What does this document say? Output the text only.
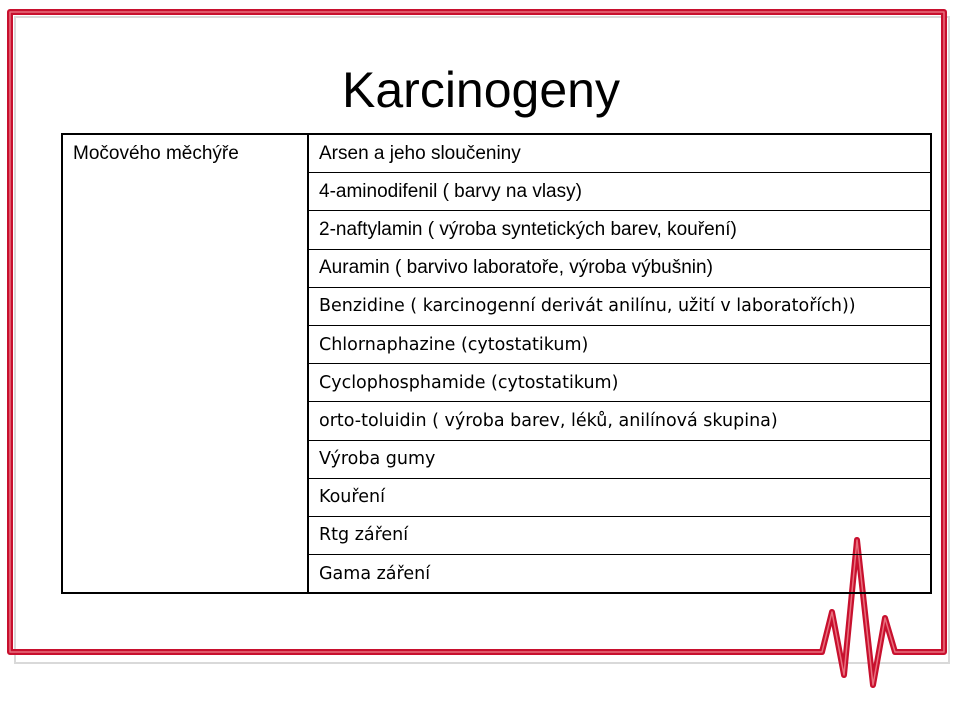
Karcinogeny
Močového měchýře	Arsen a jeho sloučeniny
4-aminodifenil ( barvy na vlasy)
2-naftylamin ( výroba syntetických barev, kouření)
Auramin ( barvivo laboratoře, výroba výbušnin)
Benzidine ( karcinogenní derivát anilínu, užití v laboratořích))
Chlornaphazine (cytostatikum)
Cyclophosphamide (cytostatikum)
orto-toluidin ( výroba barev, léků, anilínová skupina)
Výroba gumy
Kouření
Rtg záření
Gama záření
